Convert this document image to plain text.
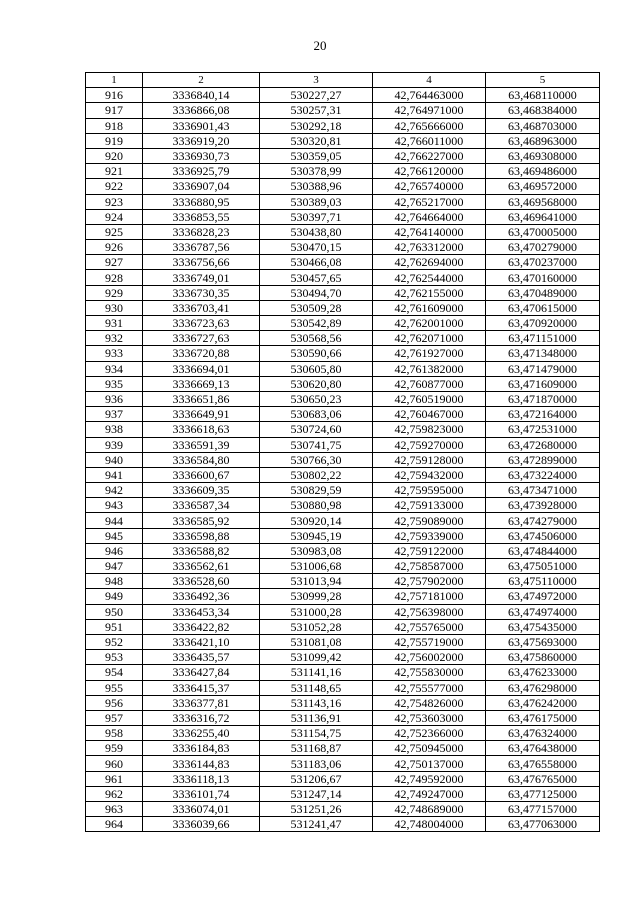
20
1	2	3	4	5
916	3336840,14	530227,27	42,764463000	63,468110000
917	3336866,08	530257,31	42,764971000	63,468384000
918	3336901,43	530292,18	42,765666000	63,468703000
919	3336919,20	530320,81	42,766011000	63,468963000
920	3336930,73	530359,05	42,766227000	63,469308000
921	3336925,79	530378,99	42,766120000	63,469486000
922	3336907,04	530388,96	42,765740000	63,469572000
923	3336880,95	530389,03	42,765217000	63,469568000
924	3336853,55	530397,71	42,764664000	63,469641000
925	3336828,23	530438,80	42,764140000	63,470005000
926	3336787,56	530470,15	42,763312000	63,470279000
927	3336756,66	530466,08	42,762694000	63,470237000
928	3336749,01	530457,65	42,762544000	63,470160000
929	3336730,35	530494,70	42,762155000	63,470489000
930	3336703,41	530509,28	42,761609000	63,470615000
931	3336723,63	530542,89	42,762001000	63,470920000
932	3336727,63	530568,56	42,762071000	63,471151000
933	3336720,88	530590,66	42,761927000	63,471348000
934	3336694,01	530605,80	42,761382000	63,471479000
935	3336669,13	530620,80	42,760877000	63,471609000
936	3336651,86	530650,23	42,760519000	63,471870000
937	3336649,91	530683,06	42,760467000	63,472164000
938	3336618,63	530724,60	42,759823000	63,472531000
939	3336591,39	530741,75	42,759270000	63,472680000
940	3336584,80	530766,30	42,759128000	63,472899000
941	3336600,67	530802,22	42,759432000	63,473224000
942	3336609,35	530829,59	42,759595000	63,473471000
943	3336587,34	530880,98	42,759133000	63,473928000
944	3336585,92	530920,14	42,759089000	63,474279000
945	3336598,88	530945,19	42,759339000	63,474506000
946	3336588,82	530983,08	42,759122000	63,474844000
947	3336562,61	531006,68	42,758587000	63,475051000
948	3336528,60	531013,94	42,757902000	63,475110000
949	3336492,36	530999,28	42,757181000	63,474972000
950	3336453,34	531000,28	42,756398000	63,474974000
951	3336422,82	531052,28	42,755765000	63,475435000
952	3336421,10	531081,08	42,755719000	63,475693000
953	3336435,57	531099,42	42,756002000	63,475860000
954	3336427,84	531141,16	42,755830000	63,476233000
955	3336415,37	531148,65	42,755577000	63,476298000
956	3336377,81	531143,16	42,754826000	63,476242000
957	3336316,72	531136,91	42,753603000	63,476175000
958	3336255,40	531154,75	42,752366000	63,476324000
959	3336184,83	531168,87	42,750945000	63,476438000
960	3336144,83	531183,06	42,750137000	63,476558000
961	3336118,13	531206,67	42,749592000	63,476765000
962	3336101,74	531247,14	42,749247000	63,477125000
963	3336074,01	531251,26	42,748689000	63,477157000
964	3336039,66	531241,47	42,748004000	63,477063000
